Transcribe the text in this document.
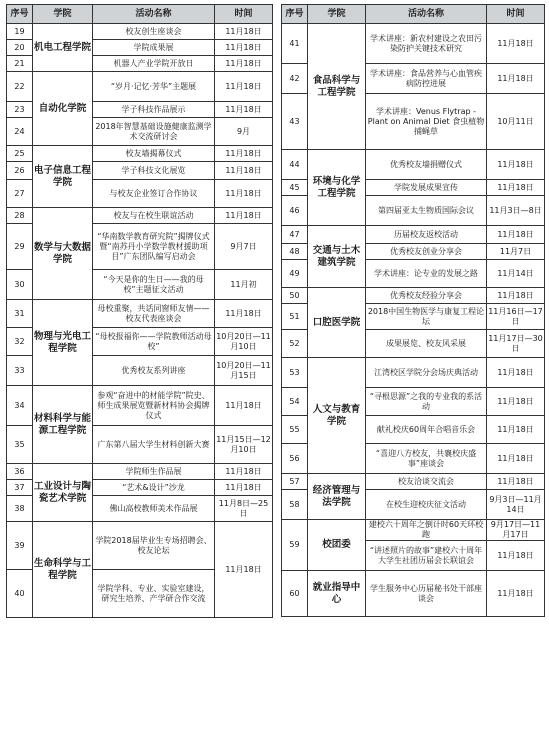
序号	学院	活动名称	时间
19	机电工程学院	校友创生座谈会	11月18日
20		学院成果展	11月18日
21		机器人产业学院开放日	11月18日
22	自动化学院	“岁月·记忆·芳华”主题展	11月18日
23		学子科技作品展示	11月18日
24		2018年智慧基础设施健康监测学术交流研讨会	9月
25	电子信息工程学院	校友墙揭幕仪式	11月18日
26		学子科技文化展览	11月18日
27		与校友企业签订合作协议	11月18日
28	数学与大数据学院	校友与在校生联谊活动	11月18日
29		“华南数学教育研究院”揭牌仪式暨“南苏丹小学数学教材援助项目”广东团队编写启动会	9月7日
30		“今天是你的生日——我的母校”主题征文活动	11月初
31	物理与光电工程学院	母校重聚，共话同窗师友情——校友代表座谈会	11月18日
32		“母校报福你——学院教师活动母校”	10月20日—11月10日
33		优秀校友系列讲座	10月20日—11月15日
34	材料科学与能源工程学院	参观“奋进中的材能学院”院史、师生成果展览暨新材料协会揭牌仪式	11月18日
35		广东第八届大学生材料创新大赛	11月15日—12月10日
36	工业设计与陶瓷艺术学院	学院师生作品展	11月18日
37		“艺术&设计”沙龙	11月18日
38		佛山高校教师美术作品展	11月8日—25日
39	生命科学与工程学院	学院2018届毕业生专场招聘会、校友论坛	11月18日
40		学院学科、专业、实验室建设，研究生培养、产学研合作交流	
序号	学院	活动名称	时间
41	食品科学与工程学院	学术讲座：新农村建设之农田污染防护关键技术研究	11月18日
42		学术讲座：食品营养与心血管疾病防控进展	11月18日
43		学术讲座：Venus Flytrap - Plant on Animal Diet 食虫植物捕蝇草	10月11日
44	环境与化学工程学院	优秀校友墙捐赠仪式	11月18日
45		学院发展成果宣传	11月18日
46		第四届亚太生物质国际会议	11月3日—8日
47	交通与土木建筑学院	历届校友返校活动	11月18日
48		优秀校友创业分享会	11月7日
49		学术讲座：论专业的发展之路	11月14日
50	口腔医学院	优秀校友经验分享会	11月18日
51		2018中国生物医学与康复工程论坛	11月16日—17日
52		成果展览、校友风采展	11月17日—30日
53	人文与教育学院	江湾校区学院分会场庆典活动	11月18日
54		“寻根思源”之我的专业我的系活动	11月18日
55		献礼校庆60周年合唱音乐会	11月18日
56		“喜迎八方校友，共襄校庆盛事”座谈会	11月18日
57	经济管理与法学院	校友洽谈交流会	11月18日
58		在校生迎校庆征文活动	9月3日—11月14日
59	校团委	建校六十周年之倒计时60天环校跑	9月17日—11月17日
		“讲述照片的故事”建校六十周年大学生社团历届会长联谊会	11月18日
60	就业指导中心	学生服务中心历届秘书处干部座谈会	11月18日
